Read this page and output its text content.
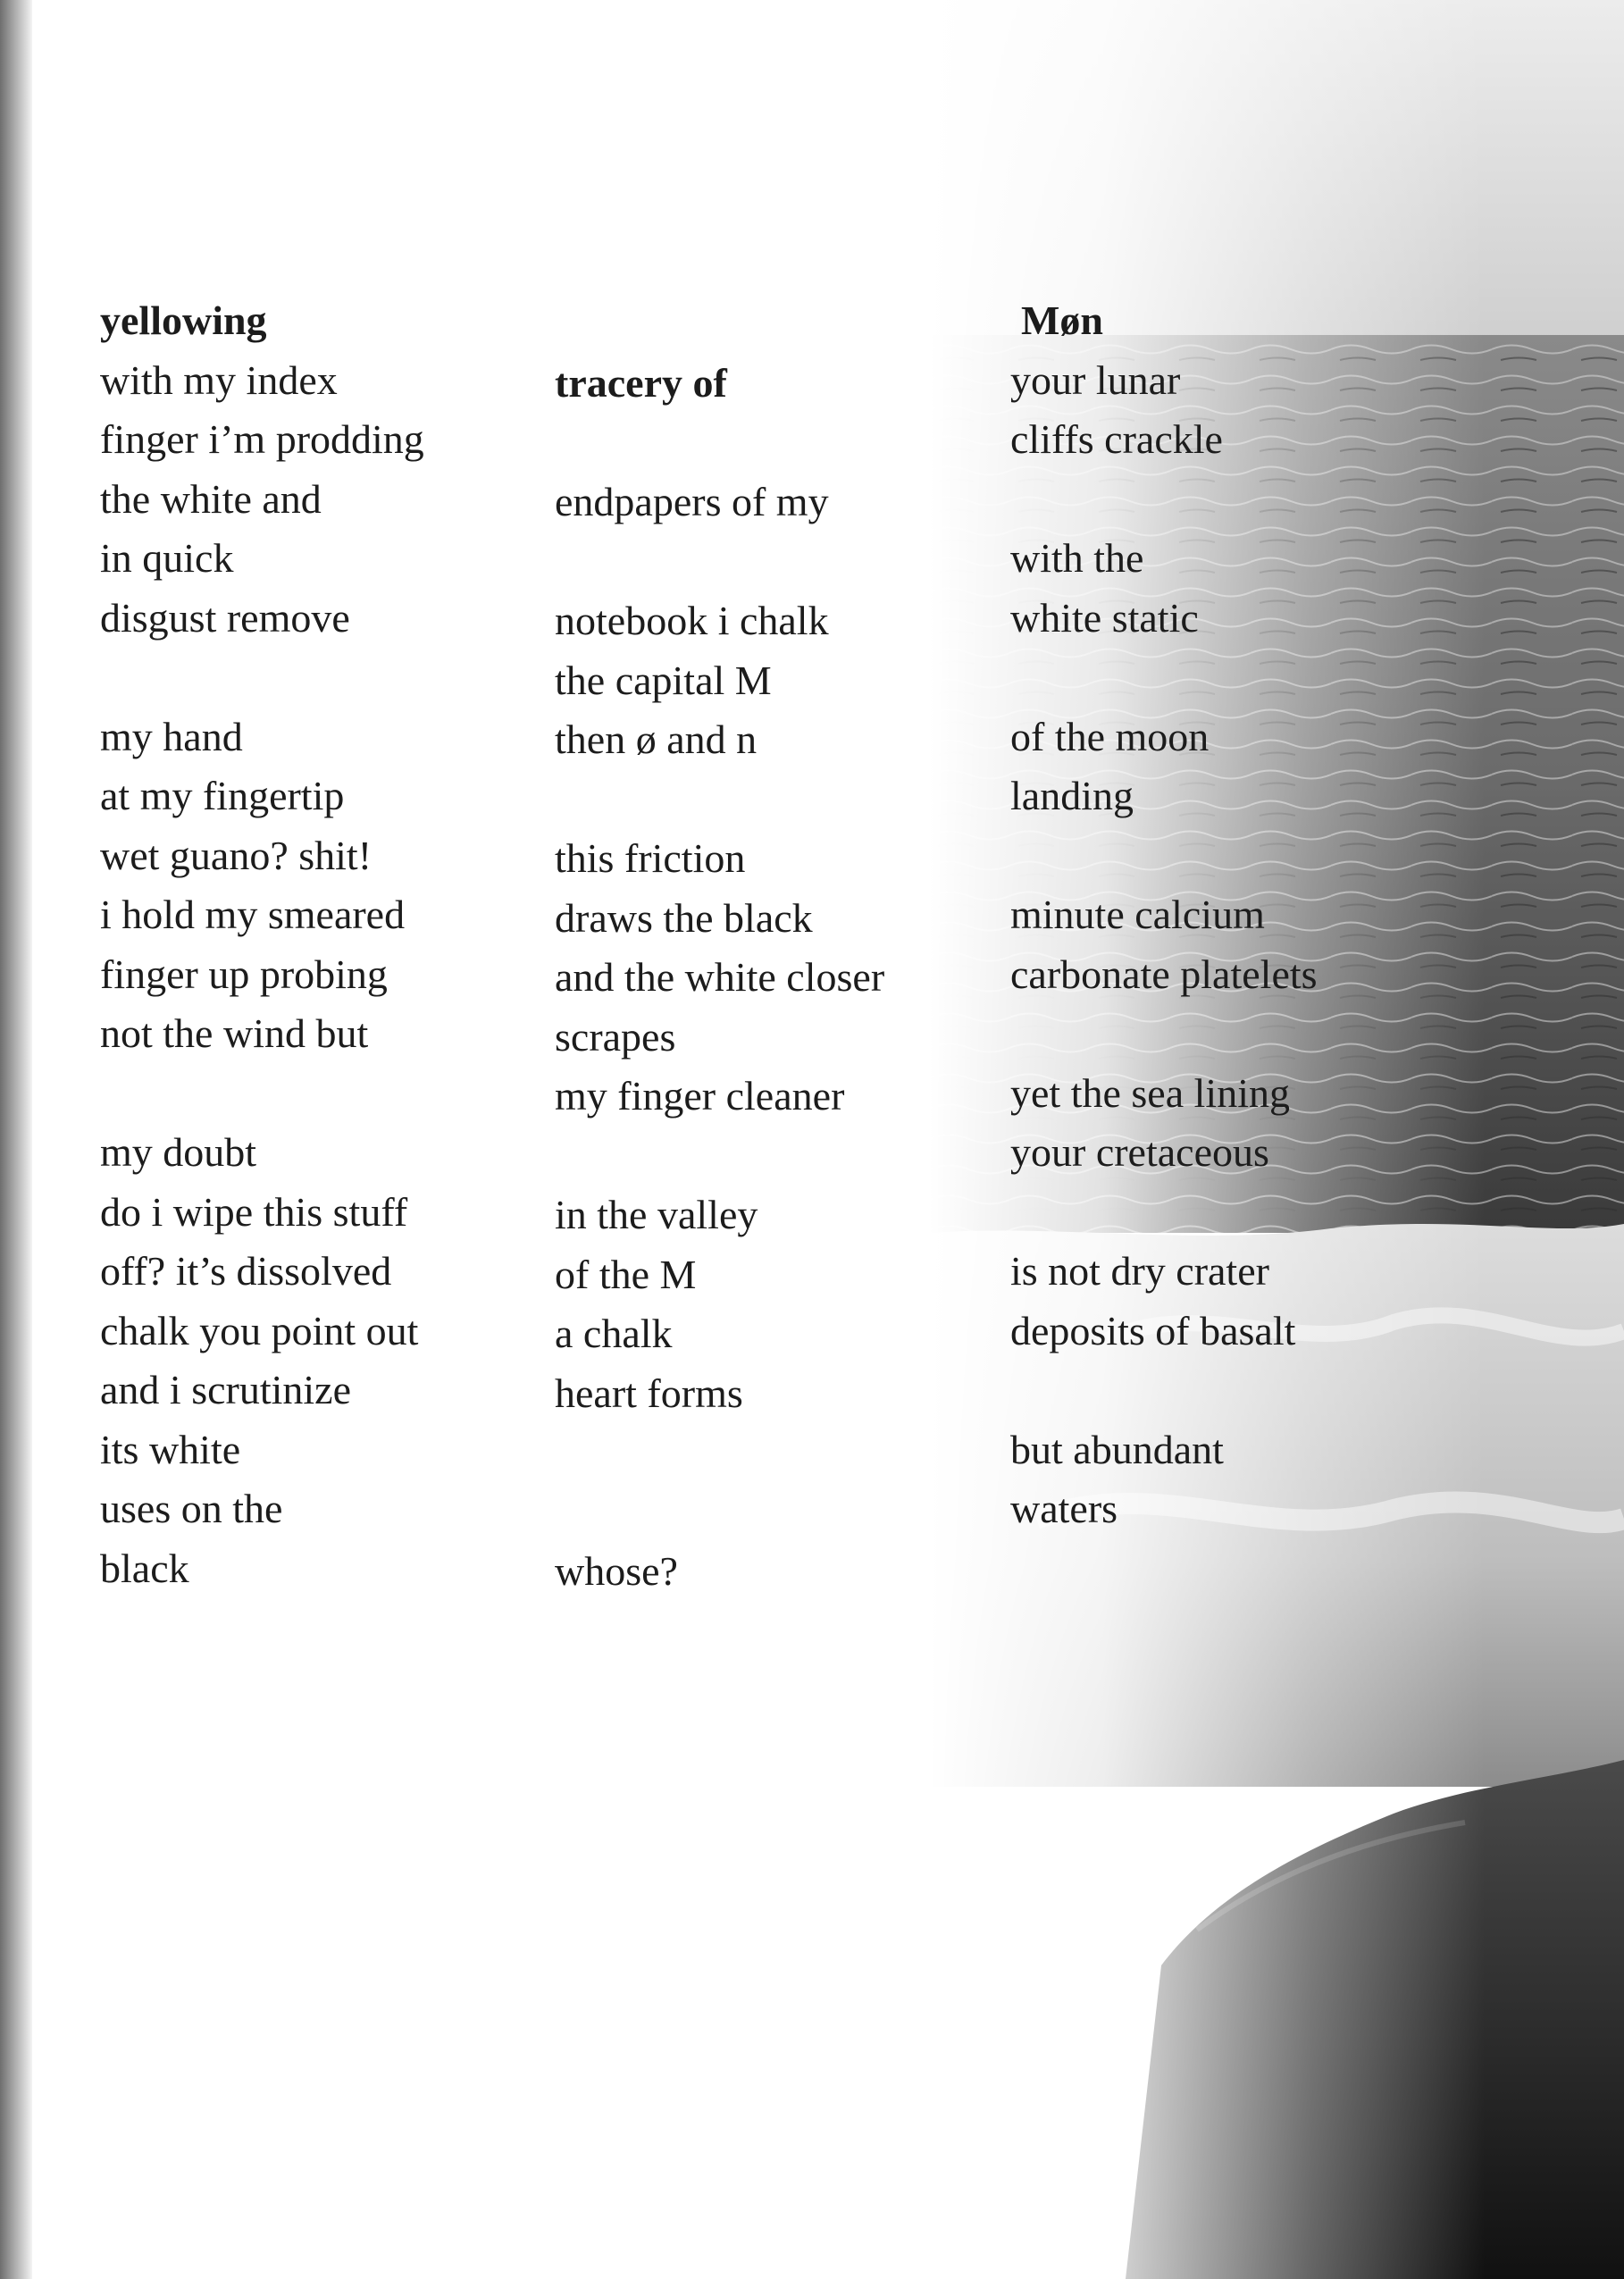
yellowing
with my index
finger i’m prodding
the white and
in quick
disgust remove
my hand
at my fingertip
wet guano? shit!
i hold my smeared
finger up probing
not the wind but
my doubt
do i wipe this stuff
off? it’s dissolved
chalk you point out
and i scrutinize
its white
uses on the
black
tracery of
endpapers of my
notebook i chalk
the capital M
then ø and n
this friction
draws the black
and the white closer
scrapes
my finger cleaner
in the valley
of the M
a chalk
heart forms
whose?
Møn
your lunar
cliffs crackle
with the
white static
of the moon
landing
minute calcium
carbonate platelets
yet the sea lining
your cretaceous
is not dry crater
deposits of basalt
but abundant
waters
